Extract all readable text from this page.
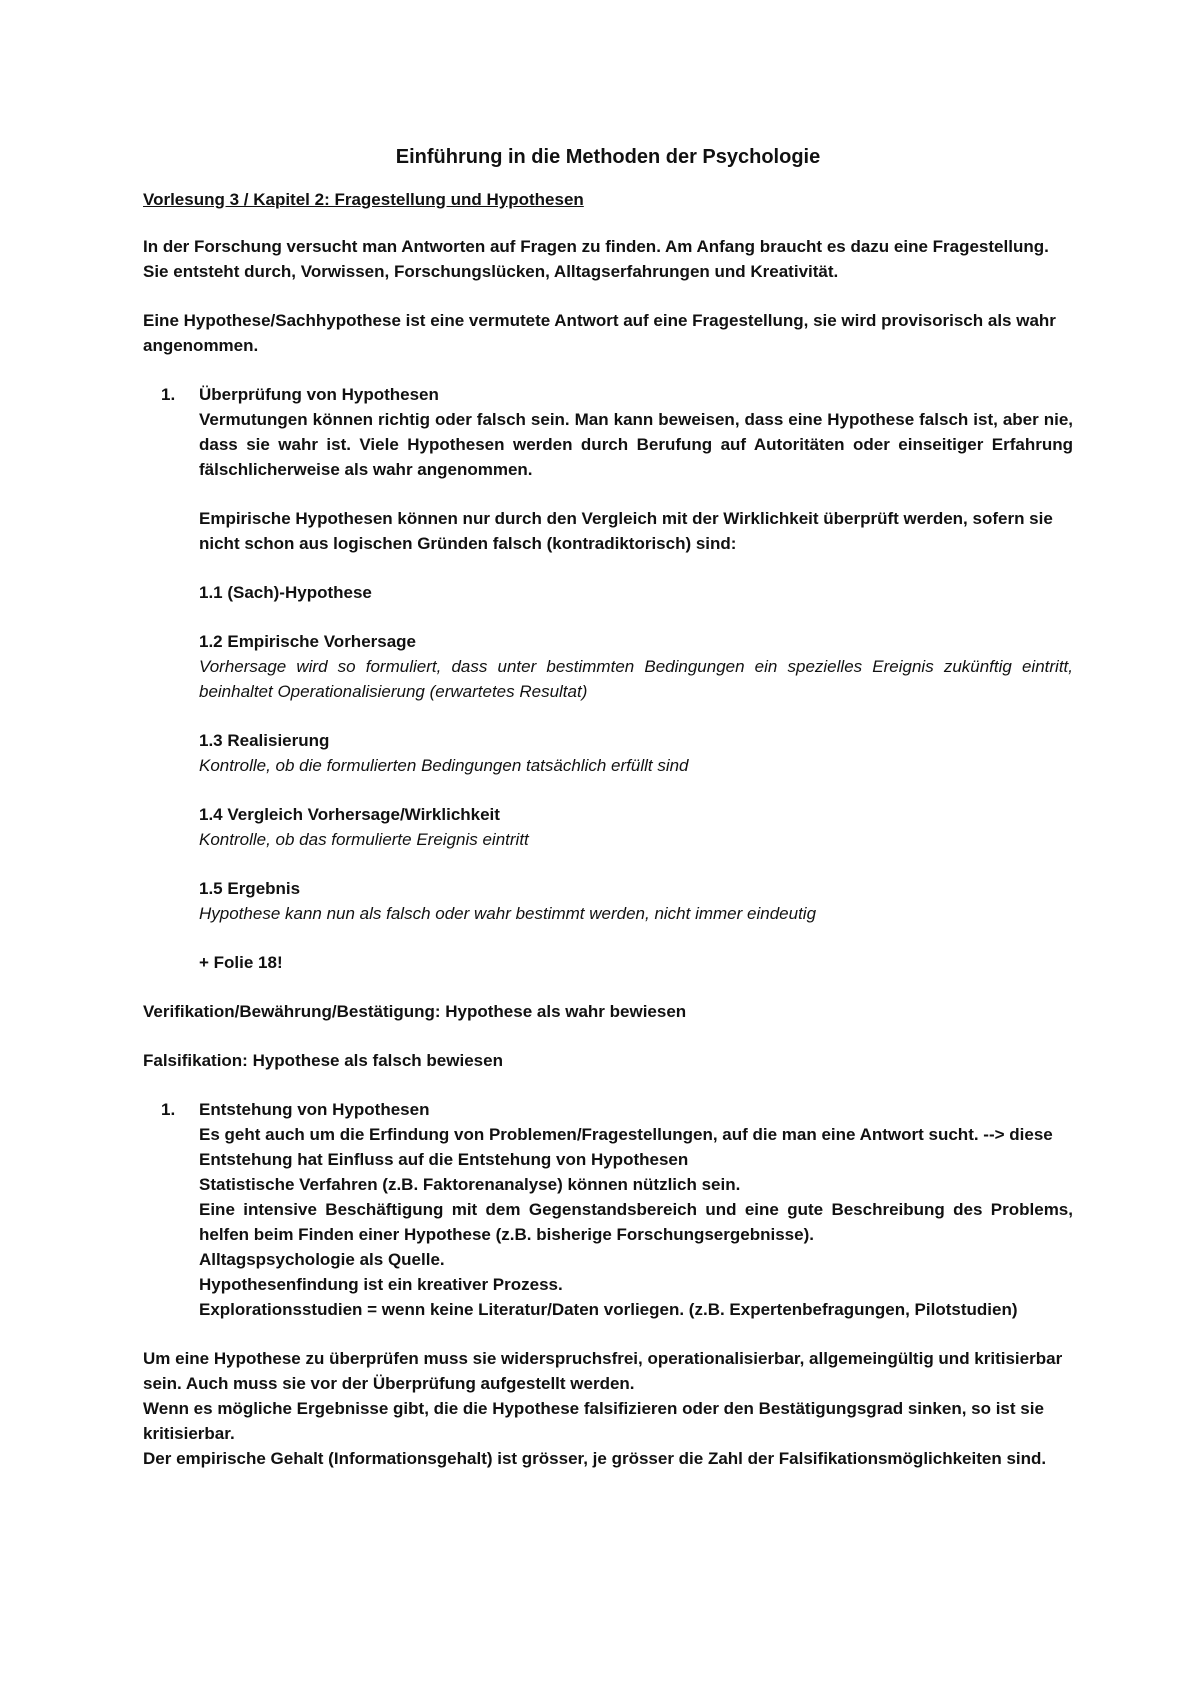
Einführung in die Methoden der Psychologie
Vorlesung 3 / Kapitel 2: Fragestellung und Hypothesen

In der Forschung versucht man Antworten auf Fragen zu finden. Am Anfang braucht es dazu eine Fragestellung. Sie entsteht durch, Vorwissen, Forschungslücken, Alltagserfahrungen und Kreativität.

Eine Hypothese/Sachhypothese ist eine vermutete Antwort auf eine Fragestellung, sie wird provisorisch als wahr angenommen.

1. Überprüfung von Hypothesen

Vermutungen können richtig oder falsch sein. Man kann beweisen, dass eine Hypothese falsch ist, aber nie, dass sie wahr ist. Viele Hypothesen werden durch Berufung auf Autoritäten oder einseitiger Erfahrung fälschlicherweise als wahr angenommen.

Empirische Hypothesen können nur durch den Vergleich mit der Wirklichkeit überprüft werden, sofern sie nicht schon aus logischen Gründen falsch (kontradiktorisch) sind:

1.1 (Sach)-Hypothese

1.2 Empirische Vorhersage

Vorhersage wird so formuliert, dass unter bestimmten Bedingungen ein spezielles Ereignis zukünftig eintritt, beinhaltet Operationalisierung (erwartetes Resultat)

1.3 Realisierung

Kontrolle, ob die formulierten Bedingungen tatsächlich erfüllt sind

1.4 Vergleich Vorhersage/Wirklichkeit

Kontrolle, ob das formulierte Ereignis eintritt

1.5 Ergebnis

Hypothese kann nun als falsch oder wahr bestimmt werden, nicht immer eindeutig

+ Folie 18!

Verifikation/Bewährung/Bestätigung: Hypothese als wahr bewiesen

Falsifikation: Hypothese als falsch bewiesen

1. Entstehung von Hypothesen

Es geht auch um die Erfindung von Problemen/Fragestellungen, auf die man eine Antwort sucht. --> diese Entstehung hat Einfluss auf die Entstehung von Hypothesen

Statistische Verfahren (z.B. Faktorenanalyse) können nützlich sein.

Eine intensive Beschäftigung mit dem Gegenstandsbereich und eine gute Beschreibung des Problems, helfen beim Finden einer Hypothese (z.B. bisherige Forschungsergebnisse).

Alltagspsychologie als Quelle.

Hypothesenfindung ist ein kreativer Prozess.

Explorationsstudien = wenn keine Literatur/Daten vorliegen. (z.B. Expertenbefragungen, Pilotstudien)

Um eine Hypothese zu überprüfen muss sie widerspruchsfrei, operationalisierbar, allgemeingültig und kritisierbar sein. Auch muss sie vor der Überprüfung aufgestellt werden.

Wenn es mögliche Ergebnisse gibt, die die Hypothese falsifizieren oder den Bestätigungsgrad sinken, so ist sie kritisierbar.

Der empirische Gehalt (Informationsgehalt) ist grösser, je grösser die Zahl der Falsifikationsmöglichkeiten sind.
